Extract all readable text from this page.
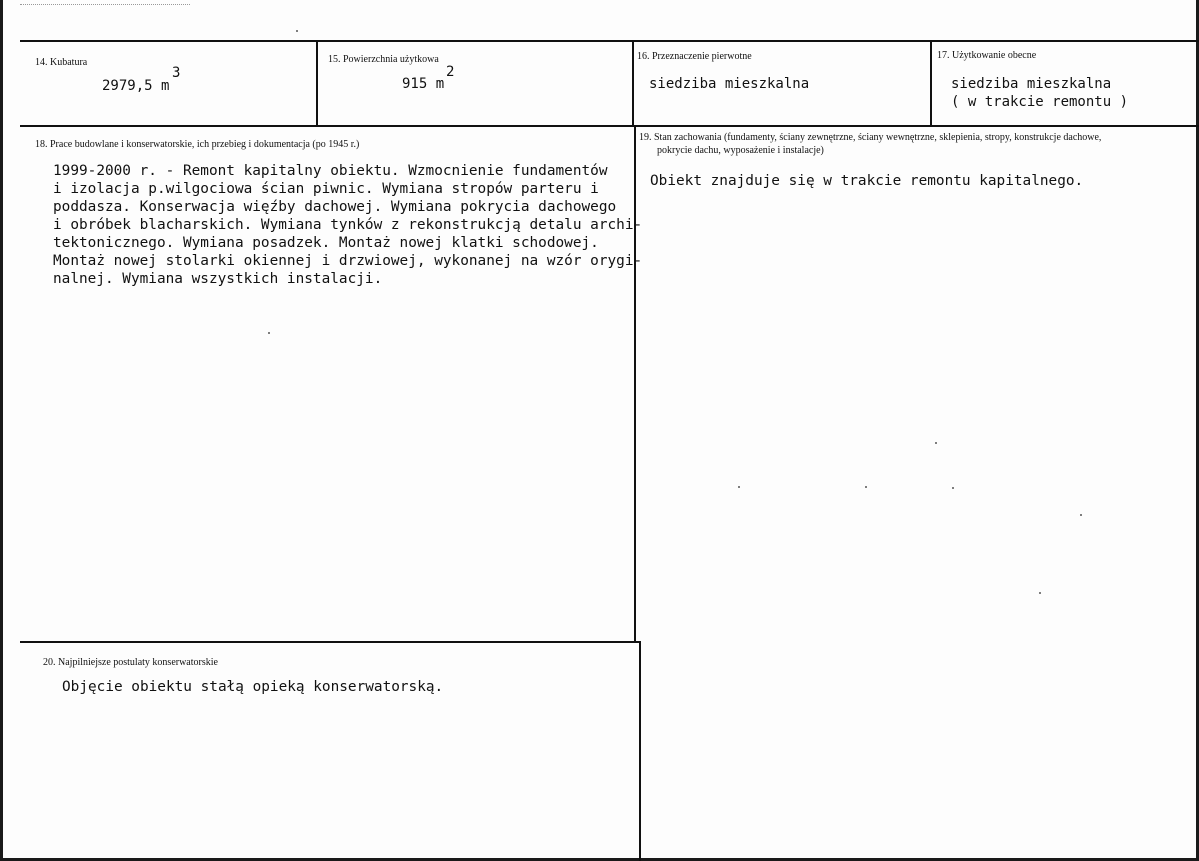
14. Kubatura
2979,5 m
3
15. Powierzchnia użytkowa
915 m
2
16. Przeznaczenie pierwotne
siedziba mieszkalna
17. Użytkowanie obecne
siedziba mieszkalna
( w trakcie remontu )
18. Prace budowlane i konserwatorskie, ich przebieg i dokumentacja (po 1945 r.)
1999-2000 r. - Remont kapitalny obiektu. Wzmocnienie fundamentów
i izolacja p.wilgociowa ścian piwnic. Wymiana stropów parteru i
poddasza. Konserwacja więźby dachowej. Wymiana pokrycia dachowego
i obróbek blacharskich. Wymiana tynków z rekonstrukcją detalu archi-
tektonicznego. Wymiana posadzek. Montaż nowej klatki schodowej.
Montaż nowej stolarki okiennej i drzwiowej, wykonanej na wzór orygi-
nalnej. Wymiana wszystkich instalacji.
19. Stan zachowania (fundamenty, ściany zewnętrzne, ściany wewnętrzne, sklepienia, stropy, konstrukcje dachowe,
pokrycie dachu, wyposażenie i instalacje)
Obiekt znajduje się w trakcie remontu kapitalnego.
20. Najpilniejsze postulaty konserwatorskie
Objęcie obiektu stałą opieką konserwatorską.
